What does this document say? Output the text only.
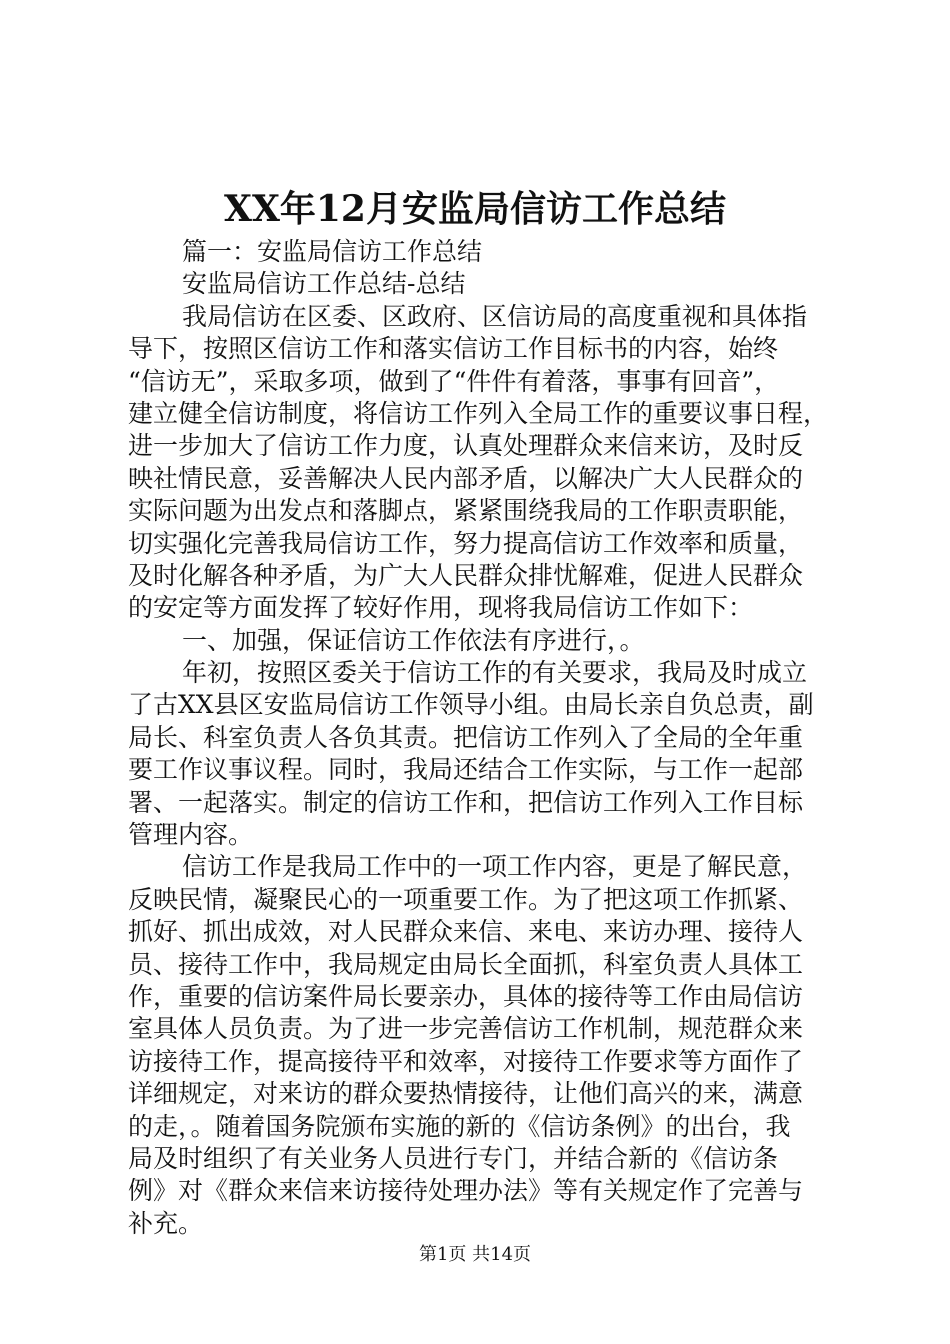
XX年12月安监局信访工作总结
篇一：安监局信访工作总结
安监局信访工作总结-总结
我局信访在区委、区政府、区信访局的高度重视和具体指
导下，按照区信访工作和落实信访工作目标书的内容，始终
“信访无”，采取多项，做到了“件件有着落，事事有回音”，
建立健全信访制度，将信访工作列入全局工作的重要议事日程，
进一步加大了信访工作力度，认真处理群众来信来访，及时反
映社情民意，妥善解决人民内部矛盾，以解决广大人民群众的
实际问题为出发点和落脚点，紧紧围绕我局的工作职责职能，
切实强化完善我局信访工作，努力提高信访工作效率和质量，
及时化解各种矛盾，为广大人民群众排忧解难，促进人民群众
的安定等方面发挥了较好作用，现将我局信访工作如下：
一、加强，保证信访工作依法有序进行，。
年初，按照区委关于信访工作的有关要求，我局及时成立
了古XX县区安监局信访工作领导小组。由局长亲自负总责，副
局长、科室负责人各负其责。把信访工作列入了全局的全年重
要工作议事议程。同时，我局还结合工作实际，与工作一起部
署、一起落实。制定的信访工作和，把信访工作列入工作目标
管理内容。
信访工作是我局工作中的一项工作内容，更是了解民意，
反映民情，凝聚民心的一项重要工作。为了把这项工作抓紧、
抓好、抓出成效，对人民群众来信、来电、来访办理、接待人
员、接待工作中，我局规定由局长全面抓，科室负责人具体工
作，重要的信访案件局长要亲办，具体的接待等工作由局信访
室具体人员负责。为了进一步完善信访工作机制，规范群众来
访接待工作，提高接待平和效率，对接待工作要求等方面作了
详细规定，对来访的群众要热情接待，让他们高兴的来，满意
的走，。随着国务院颁布实施的新的《信访条例》的出台，我
局及时组织了有关业务人员进行专门，并结合新的《信访条
例》对《群众来信来访接待处理办法》等有关规定作了完善与
补充。
第1页 共14页
